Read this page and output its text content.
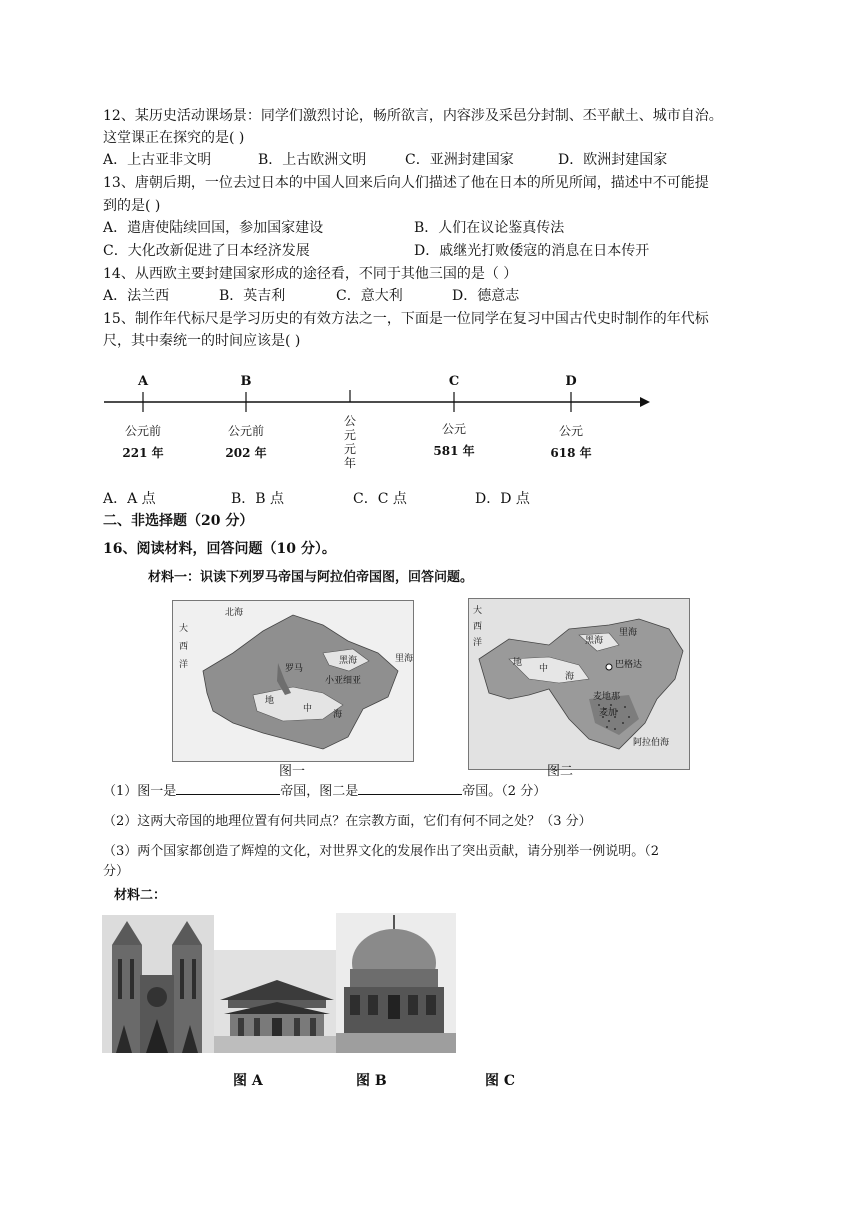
12、某历史活动课场景：同学们激烈讨论，畅所欲言，内容涉及采邑分封制、丕平献土、城市自治。
这堂课正在探究的是( )
A．上古亚非文明	B．上古欧洲文明	C．亚洲封建国家	D．欧洲封建国家
13、唐朝后期，一位去过日本的中国人回来后向人们描述了他在日本的所见所闻，描述中不可能提
到的是( )
A．遣唐使陆续回国，参加国家建设	B．人们在议论鉴真传法
C．大化改新促进了日本经济发展	D．戚继光打败倭寇的消息在日本传开
14、从西欧主要封建国家形成的途径看，不同于其他三国的是（ ）
A．法兰西	B．英吉利	C．意大利	D．德意志
15、制作年代标尺是学习历史的有效方法之一，下面是一位同学在复习中国古代史时制作的年代标
尺，其中秦统一的时间应该是( )
A	B	C	D
公元前
221 年
公元前
202 年
公元元年
公元
581 年
公元
618 年
A．A 点	B．B 点	C．C 点	D．D 点
二、非选择题（20 分）
16、阅读材料，回答问题（10 分）。
材料一：识读下列罗马帝国与阿拉伯帝国图，回答问题。
北海
大
西
洋	黑海
罗马
地
中
海
小亚细亚
里海
图一
大
西
洋
地
中
海
黑海
里海
巴格达
麦地那
麦加
阿拉伯海
图二
（1）图一是	帝国，图二是	帝国。（2 分）
（2）这两大帝国的地理位置有何共同点？在宗教方面，它们有何不同之处？（3 分）
（3）两个国家都创造了辉煌的文化，对世界文化的发展作出了突出贡献，请分别举一例说明。（2
分）
材料二：
图 A	图 B	图 C
